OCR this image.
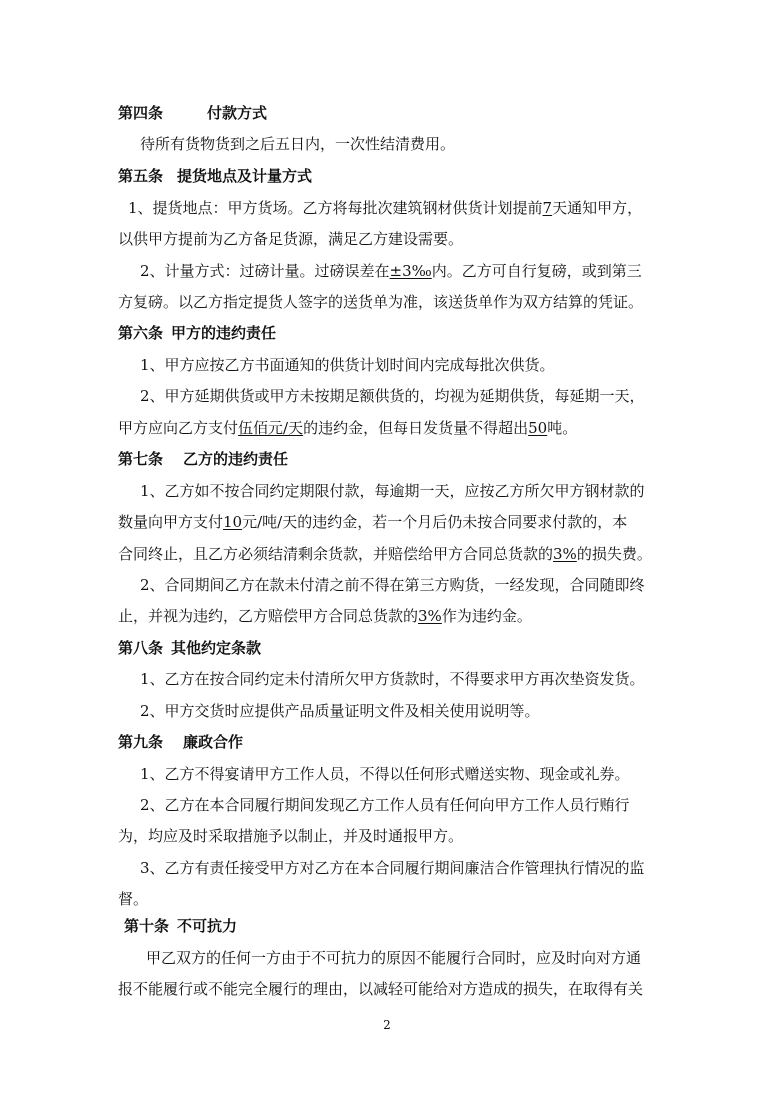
第四条	付款方式
待所有货物货到之后五日内，一次性结清费用。
第五条 提货地点及计量方式
1、提货地点：甲方货场。乙方将每批次建筑钢材供货计划提前7天通知甲方，
以供甲方提前为乙方备足货源，满足乙方建设需要。
2、计量方式：过磅计量。过磅误差在±3‰内。乙方可自行复磅，或到第三
方复磅。以乙方指定提货人签字的送货单为准，该送货单作为双方结算的凭证。
第六条 甲方的违约责任
1、甲方应按乙方书面通知的供货计划时间内完成每批次供货。
2、甲方延期供货或甲方未按期足额供货的，均视为延期供货，每延期一天，
甲方应向乙方支付伍佰元/天的违约金，但每日发货量不得超出50吨。
第七条 乙方的违约责任
1、乙方如不按合同约定期限付款，每逾期一天，应按乙方所欠甲方钢材款的
数量向甲方支付10元/吨/天的违约金，若一个月后仍未按合同要求付款的，本
合同终止，且乙方必须结清剩余货款，并赔偿给甲方合同总货款的3%的损失费。
2、合同期间乙方在款未付清之前不得在第三方购货，一经发现，合同随即终
止，并视为违约，乙方赔偿甲方合同总货款的3%作为违约金。
第八条 其他约定条款
1、乙方在按合同约定未付清所欠甲方货款时，不得要求甲方再次垫资发货。
2、甲方交货时应提供产品质量证明文件及相关使用说明等。
第九条 廉政合作
1、乙方不得宴请甲方工作人员，不得以任何形式赠送实物、现金或礼券。
2、乙方在本合同履行期间发现乙方工作人员有任何向甲方工作人员行贿行
为，均应及时采取措施予以制止，并及时通报甲方。
3、乙方有责任接受甲方对乙方在本合同履行期间廉洁合作管理执行情况的监
督。
第十条 不可抗力
甲乙双方的任何一方由于不可抗力的原因不能履行合同时，应及时向对方通
报不能履行或不能完全履行的理由，以减轻可能给对方造成的损失，在取得有关
2
